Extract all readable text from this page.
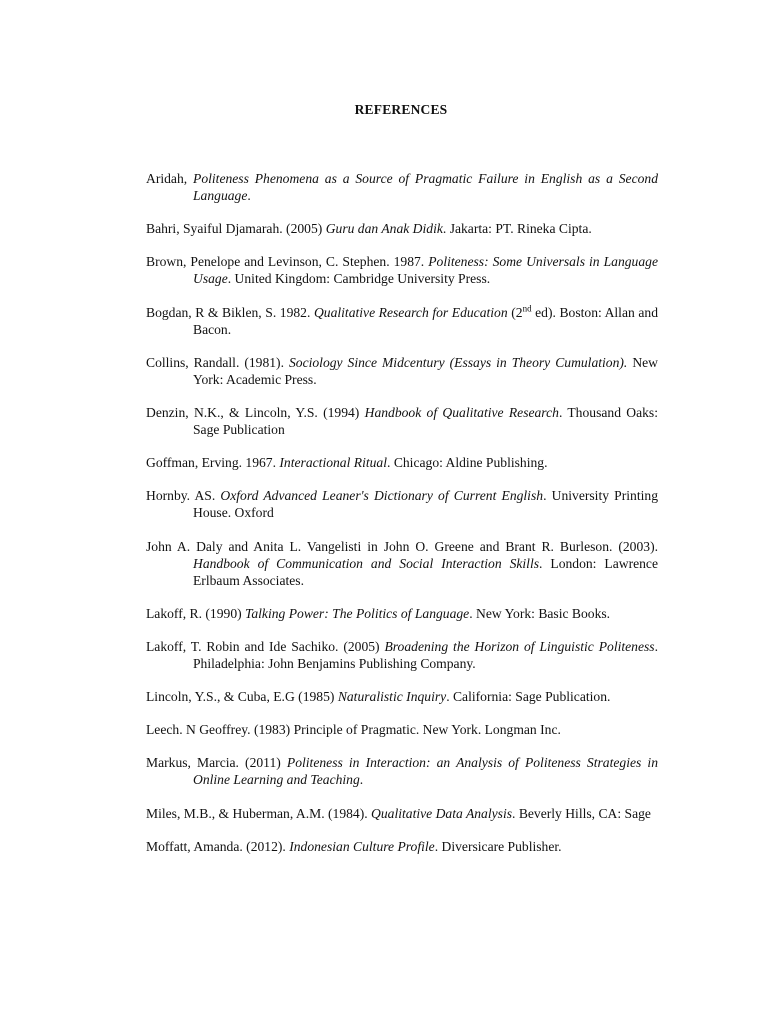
REFERENCES

Aridah, Politeness Phenomena as a Source of Pragmatic Failure in English as a Second Language.

Bahri, Syaiful Djamarah. (2005) Guru dan Anak Didik. Jakarta: PT. Rineka Cipta.

Brown, Penelope and Levinson, C. Stephen. 1987. Politeness: Some Universals in Language Usage. United Kingdom: Cambridge University Press.

Bogdan, R & Biklen, S. 1982. Qualitative Research for Education (2nd ed). Boston: Allan and Bacon.

Collins, Randall. (1981). Sociology Since Midcentury (Essays in Theory Cumulation). New York: Academic Press.

Denzin, N.K., & Lincoln, Y.S. (1994) Handbook of Qualitative Research. Thousand Oaks: Sage Publication

Goffman, Erving. 1967. Interactional Ritual. Chicago: Aldine Publishing.

Hornby. AS. Oxford Advanced Leaner's Dictionary of Current English. University Printing House. Oxford

John A. Daly and Anita L. Vangelisti in John O. Greene and Brant R. Burleson. (2003). Handbook of Communication and Social Interaction Skills. London: Lawrence Erlbaum Associates.

Lakoff, R. (1990) Talking Power: The Politics of Language. New York: Basic Books.

Lakoff, T. Robin and Ide Sachiko. (2005) Broadening the Horizon of Linguistic Politeness. Philadelphia: John Benjamins Publishing Company.

Lincoln, Y.S., & Cuba, E.G (1985) Naturalistic Inquiry. California: Sage Publication.

Leech. N Geoffrey. (1983) Principle of Pragmatic. New York. Longman Inc.

Markus, Marcia. (2011) Politeness in Interaction: an Analysis of Politeness Strategies in Online Learning and Teaching.

Miles, M.B., & Huberman, A.M. (1984). Qualitative Data Analysis. Beverly Hills, CA: Sage

Moffatt, Amanda. (2012). Indonesian Culture Profile. Diversicare Publisher.
